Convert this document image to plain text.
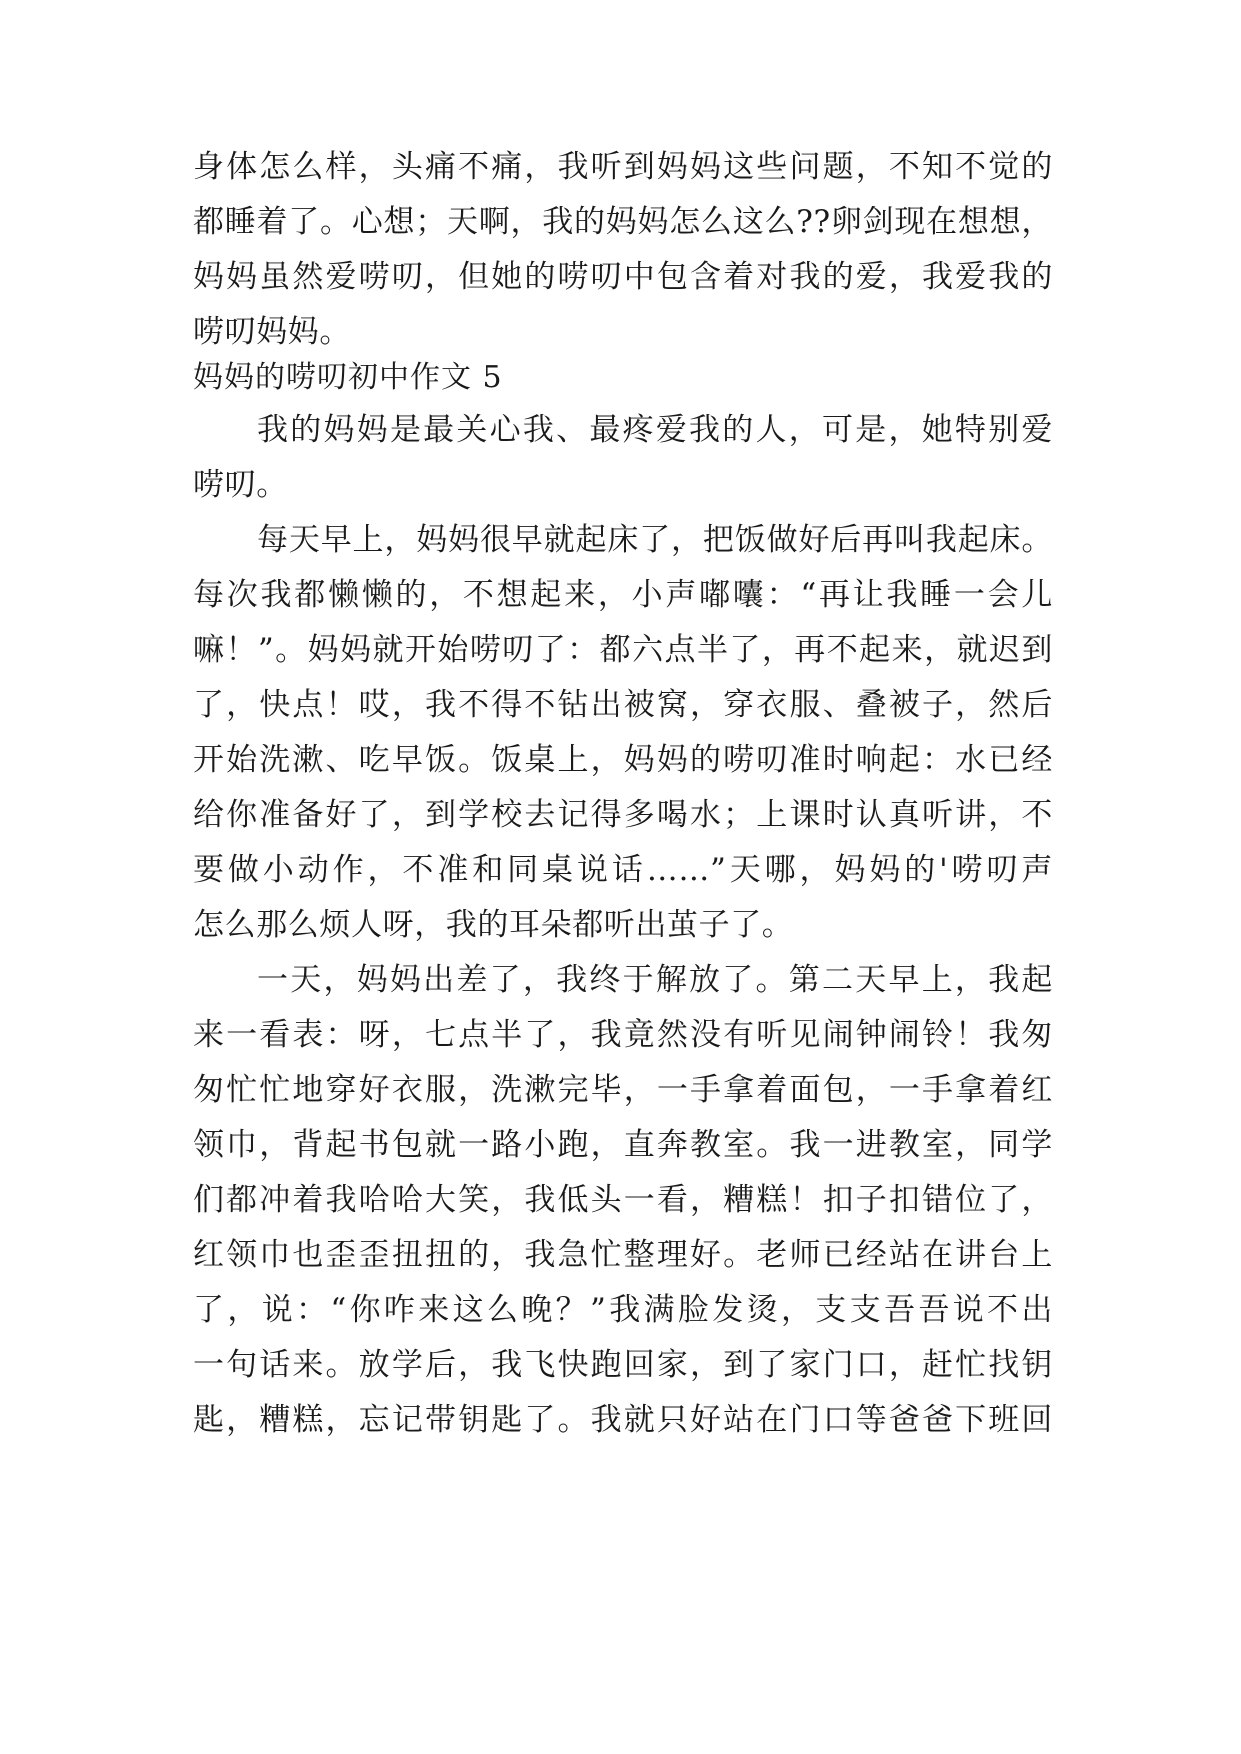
身体怎么样，头痛不痛，我听到妈妈这些问题，不知不觉的
都睡着了。心想；天啊，我的妈妈怎么这么??卵剑现在想想，
妈妈虽然爱唠叨，但她的唠叨中包含着对我的爱，我爱我的
唠叨妈妈。
妈妈的唠叨初中作文 5
我的妈妈是最关心我、最疼爱我的人，可是，她特别爱
唠叨。
每天早上，妈妈很早就起床了，把饭做好后再叫我起床。
每次我都懒懒的，不想起来，小声嘟囔：“再让我睡一会儿
嘛！”。妈妈就开始唠叨了：都六点半了，再不起来，就迟到
了，快点！哎，我不得不钻出被窝，穿衣服、叠被子，然后
开始洗漱、吃早饭。饭桌上，妈妈的唠叨准时响起：水已经
给你准备好了，到学校去记得多喝水；上课时认真听讲，不
要做小动作，不准和同桌说话……”天哪，妈妈的'唠叨声
怎么那么烦人呀，我的耳朵都听出茧子了。
一天，妈妈出差了，我终于解放了。第二天早上，我起
来一看表：呀，七点半了，我竟然没有听见闹钟闹铃！我匆
匆忙忙地穿好衣服，洗漱完毕，一手拿着面包，一手拿着红
领巾，背起书包就一路小跑，直奔教室。我一进教室，同学
们都冲着我哈哈大笑，我低头一看，糟糕！扣子扣错位了，
红领巾也歪歪扭扭的，我急忙整理好。老师已经站在讲台上
了，说：“你咋来这么晚？”我满脸发烫，支支吾吾说不出
一句话来。放学后，我飞快跑回家，到了家门口，赶忙找钥
匙，糟糕，忘记带钥匙了。我就只好站在门口等爸爸下班回
